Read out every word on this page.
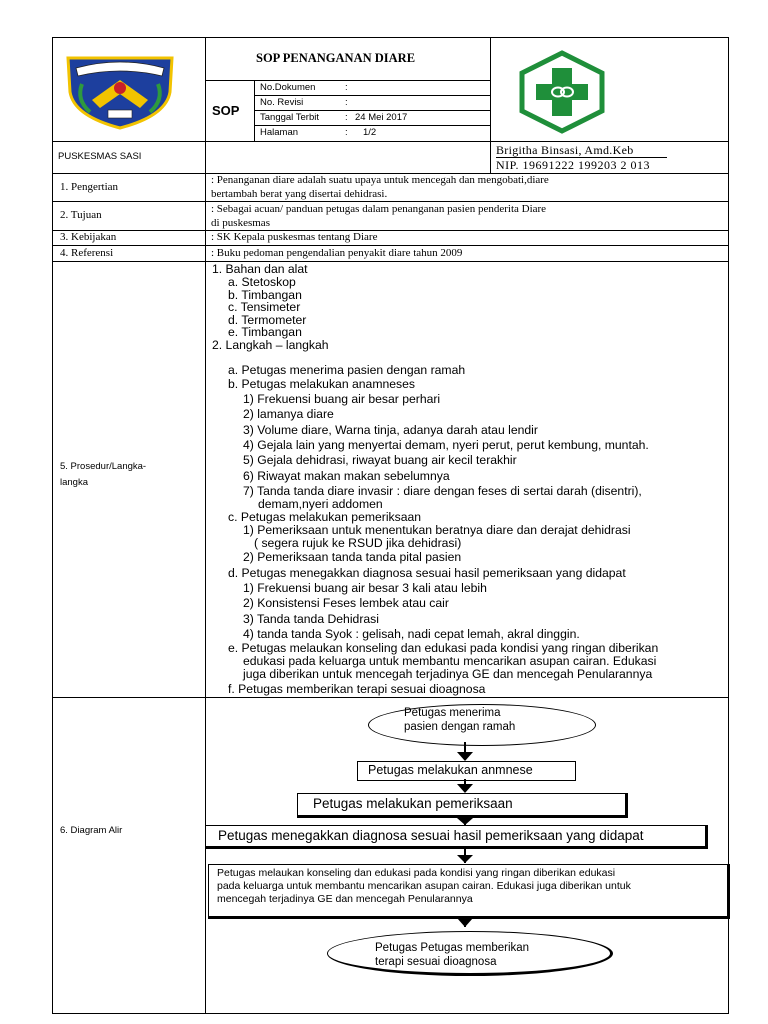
SOP PENANGANAN DIARE
SOP
No.Dokumen	:
No. Revisi	:
Tanggal Terbit	: 24 Mei 2017
Halaman	: 1/2
PUSKESMAS SASI	Brigitha Binsasi, Amd.Keb
NIP. 19691222 199203 2 013
1. Pengertian
: Penanganan diare adalah suatu upaya untuk mencegah dan mengobati,diare
bertambah berat yang disertai dehidrasi.
2. Tujuan	: Sebagai acuan/ panduan petugas dalam penanganan pasien penderita Diare
di puskesmas
3. Kebijakan	: SK Kepala puskesmas tentang Diare
4. Referensi	: Buku pedoman pengendalian penyakit diare tahun 2009
5. Prosedur/Langka-
langka
1. Bahan dan alat
a. Stetoskop
b. Timbangan
c. Tensimeter
d. Termometer
e. Timbangan
2. Langkah – langkah
a. Petugas menerima pasien dengan ramah
b. Petugas melakukan anamneses
1) Frekuensi buang air besar perhari
2) lamanya diare
3) Volume diare, Warna tinja, adanya darah atau lendir
4) Gejala lain yang menyertai demam, nyeri perut, perut kembung, muntah.
5) Gejala dehidrasi, riwayat buang air kecil terakhir
6) Riwayat makan makan sebelumnya
7) Tanda tanda diare invasir : diare dengan feses di sertai darah (disentri),
demam,nyeri addomen
c. Petugas melakukan pemeriksaan
1) Pemeriksaan untuk menentukan beratnya diare dan derajat dehidrasi
( segera rujuk ke RSUD jika dehidrasi)
2) Pemeriksaan tanda tanda pital pasien
d. Petugas menegakkan diagnosa sesuai hasil pemeriksaan yang didapat
1) Frekuensi buang air besar 3 kali atau lebih
2) Konsistensi Feses lembek atau cair
3) Tanda tanda Dehidrasi
4) tanda tanda Syok : gelisah, nadi cepat lemah, akral dinggin.
e. Petugas melaukan konseling dan edukasi pada kondisi yang ringan diberikan
edukasi pada keluarga untuk membantu mencarikan asupan cairan. Edukasi
juga diberikan untuk mencegah terjadinya GE dan mencegah Penularannya
f. Petugas memberikan terapi sesuai dioagnosa
6. Diagram Alir
Petugas menerima
pasien dengan ramah
Petugas melakukan anmnese
Petugas melakukan pemeriksaan
Petugas menegakkan diagnosa sesuai hasil pemeriksaan yang didapat
Petugas melaukan konseling dan edukasi pada kondisi yang ringan diberikan edukasi
pada keluarga untuk membantu mencarikan asupan cairan. Edukasi juga diberikan untuk
mencegah terjadinya GE dan mencegah Penularannya
Petugas Petugas memberikan
terapi sesuai dioagnosa
